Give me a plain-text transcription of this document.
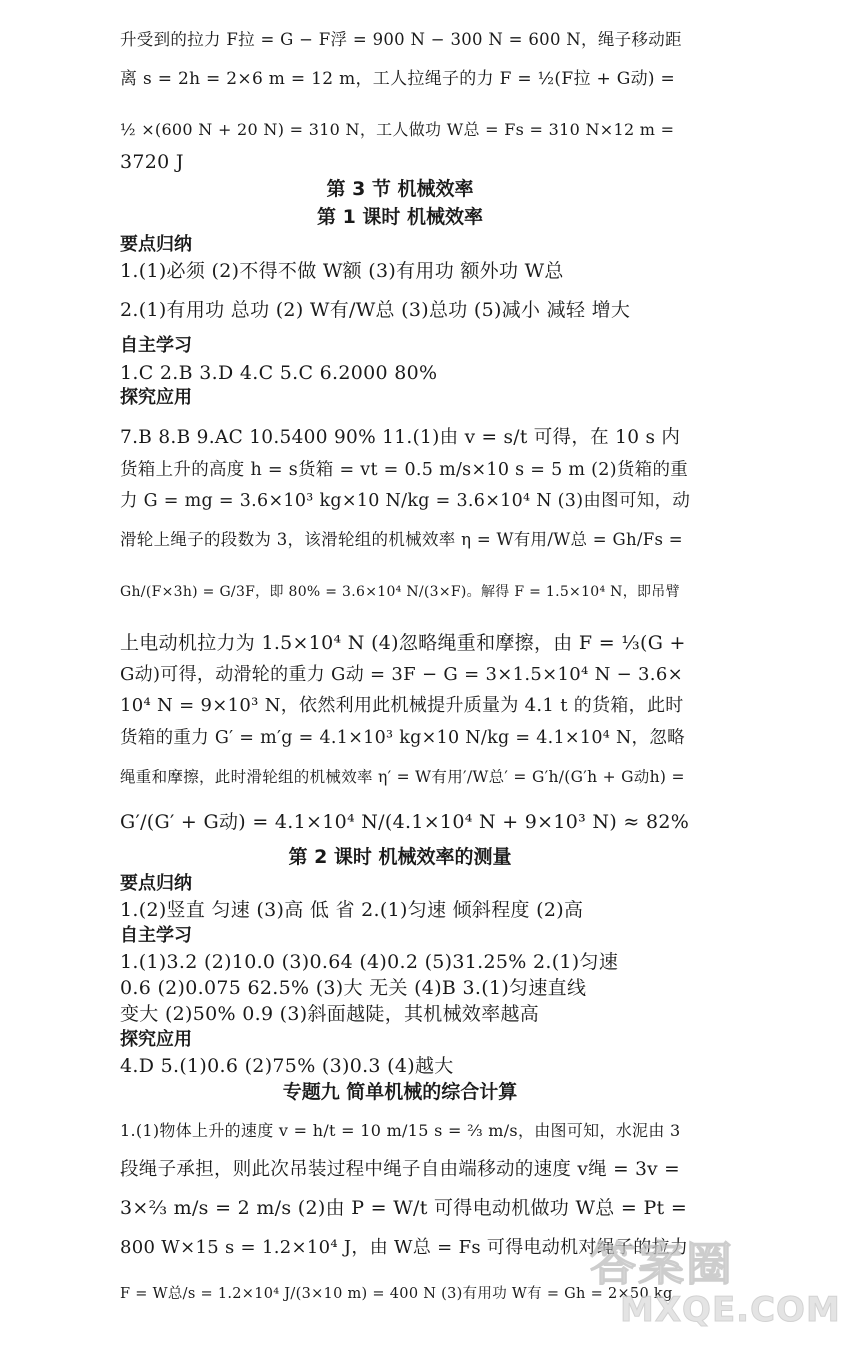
升受到的拉力 F拉 = G − F浮 = 900 N − 300 N = 600 N，绳子移动距
离 s = 2h = 2×6 m = 12 m，工人拉绳子的力 F = ½(F拉 + G动) =
½ ×(600 N + 20 N) = 310 N，工人做功 W总 = Fs = 310 N×12 m =
3720 J
第 3 节 机械效率
第 1 课时 机械效率
要点归纳
1.(1)必须 (2)不得不做 W额 (3)有用功 额外功 W总
2.(1)有用功 总功 (2) W有/W总 (3)总功 (5)减小 减轻 增大
自主学习
1.C 2.B 3.D 4.C 5.C 6.2000 80%
探究应用
7.B 8.B 9.AC 10.5400 90% 11.(1)由 v = s/t 可得，在 10 s 内
货箱上升的高度 h = s货箱 = vt = 0.5 m/s×10 s = 5 m (2)货箱的重
力 G = mg = 3.6×10³ kg×10 N/kg = 3.6×10⁴ N (3)由图可知，动
滑轮上绳子的段数为 3，该滑轮组的机械效率 η = W有用/W总 = Gh/Fs =
Gh/(F×3h) = G/3F，即 80% = 3.6×10⁴ N/(3×F)。解得 F = 1.5×10⁴ N，即吊臂
上电动机拉力为 1.5×10⁴ N (4)忽略绳重和摩擦，由 F = ⅓(G +
G动)可得，动滑轮的重力 G动 = 3F − G = 3×1.5×10⁴ N − 3.6×
10⁴ N = 9×10³ N，依然利用此机械提升质量为 4.1 t 的货箱，此时
货箱的重力 G′ = m′g = 4.1×10³ kg×10 N/kg = 4.1×10⁴ N，忽略
绳重和摩擦，此时滑轮组的机械效率 η′ = W有用′/W总′ = G′h/(G′h + G动h) =
G′/(G′ + G动) = 4.1×10⁴ N/(4.1×10⁴ N + 9×10³ N) ≈ 82%
第 2 课时 机械效率的测量
要点归纳
1.(2)竖直 匀速 (3)高 低 省 2.(1)匀速 倾斜程度 (2)高
自主学习
1.(1)3.2 (2)10.0 (3)0.64 (4)0.2 (5)31.25% 2.(1)匀速
0.6 (2)0.075 62.5% (3)大 无关 (4)B 3.(1)匀速直线
变大 (2)50% 0.9 (3)斜面越陡，其机械效率越高
探究应用
4.D 5.(1)0.6 (2)75% (3)0.3 (4)越大
专题九 简单机械的综合计算
1.(1)物体上升的速度 v = h/t = 10 m/15 s = ⅔ m/s，由图可知，水泥由 3
段绳子承担，则此次吊装过程中绳子自由端移动的速度 v绳 = 3v =
3×⅔ m/s = 2 m/s (2)由 P = W/t 可得电动机做功 W总 = Pt =
800 W×15 s = 1.2×10⁴ J，由 W总 = Fs 可得电动机对绳子的拉力
F = W总/s = 1.2×10⁴ J/(3×10 m) = 400 N (3)有用功 W有 = Gh = 2×50 kg
答案圈
MXQE.COM
